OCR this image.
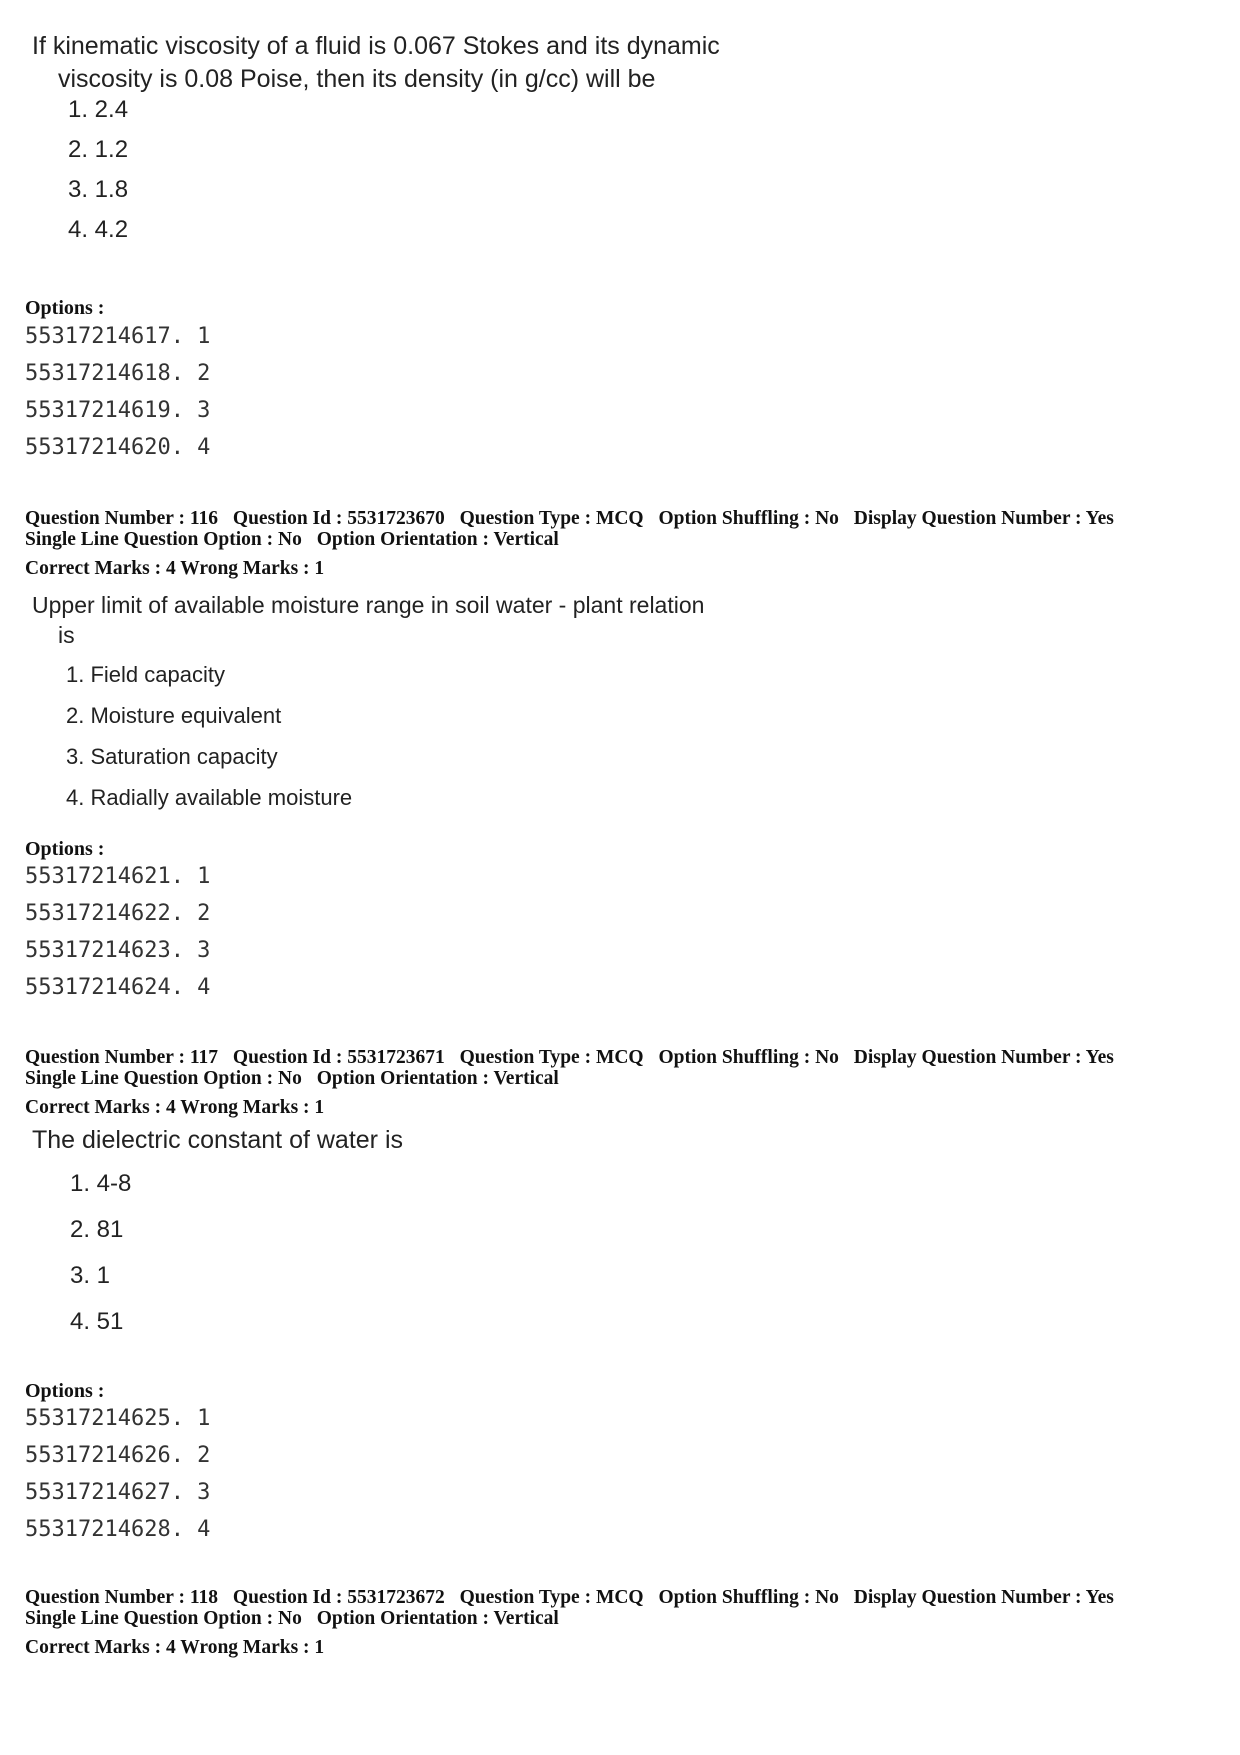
If kinematic viscosity of a fluid is 0.067 Stokes and its dynamic
viscosity is 0.08 Poise, then its density (in g/cc) will be
1. 2.4
2. 1.2
3. 1.8
4. 4.2
Options :
55317214617. 1
55317214618. 2
55317214619. 3
55317214620. 4
Question Number : 116 Question Id : 5531723670 Question Type : MCQ Option Shuffling : No Display Question Number : Yes
Single Line Question Option : No Option Orientation : Vertical
Correct Marks : 4 Wrong Marks : 1
Upper limit of available moisture range in soil water - plant relation
is
1. Field capacity
2. Moisture equivalent
3. Saturation capacity
4. Radially available moisture
Options :
55317214621. 1
55317214622. 2
55317214623. 3
55317214624. 4
Question Number : 117 Question Id : 5531723671 Question Type : MCQ Option Shuffling : No Display Question Number : Yes
Single Line Question Option : No Option Orientation : Vertical
Correct Marks : 4 Wrong Marks : 1
The dielectric constant of water is
1. 4-8
2. 81
3. 1
4. 51
Options :
55317214625. 1
55317214626. 2
55317214627. 3
55317214628. 4
Question Number : 118 Question Id : 5531723672 Question Type : MCQ Option Shuffling : No Display Question Number : Yes
Single Line Question Option : No Option Orientation : Vertical
Correct Marks : 4 Wrong Marks : 1
